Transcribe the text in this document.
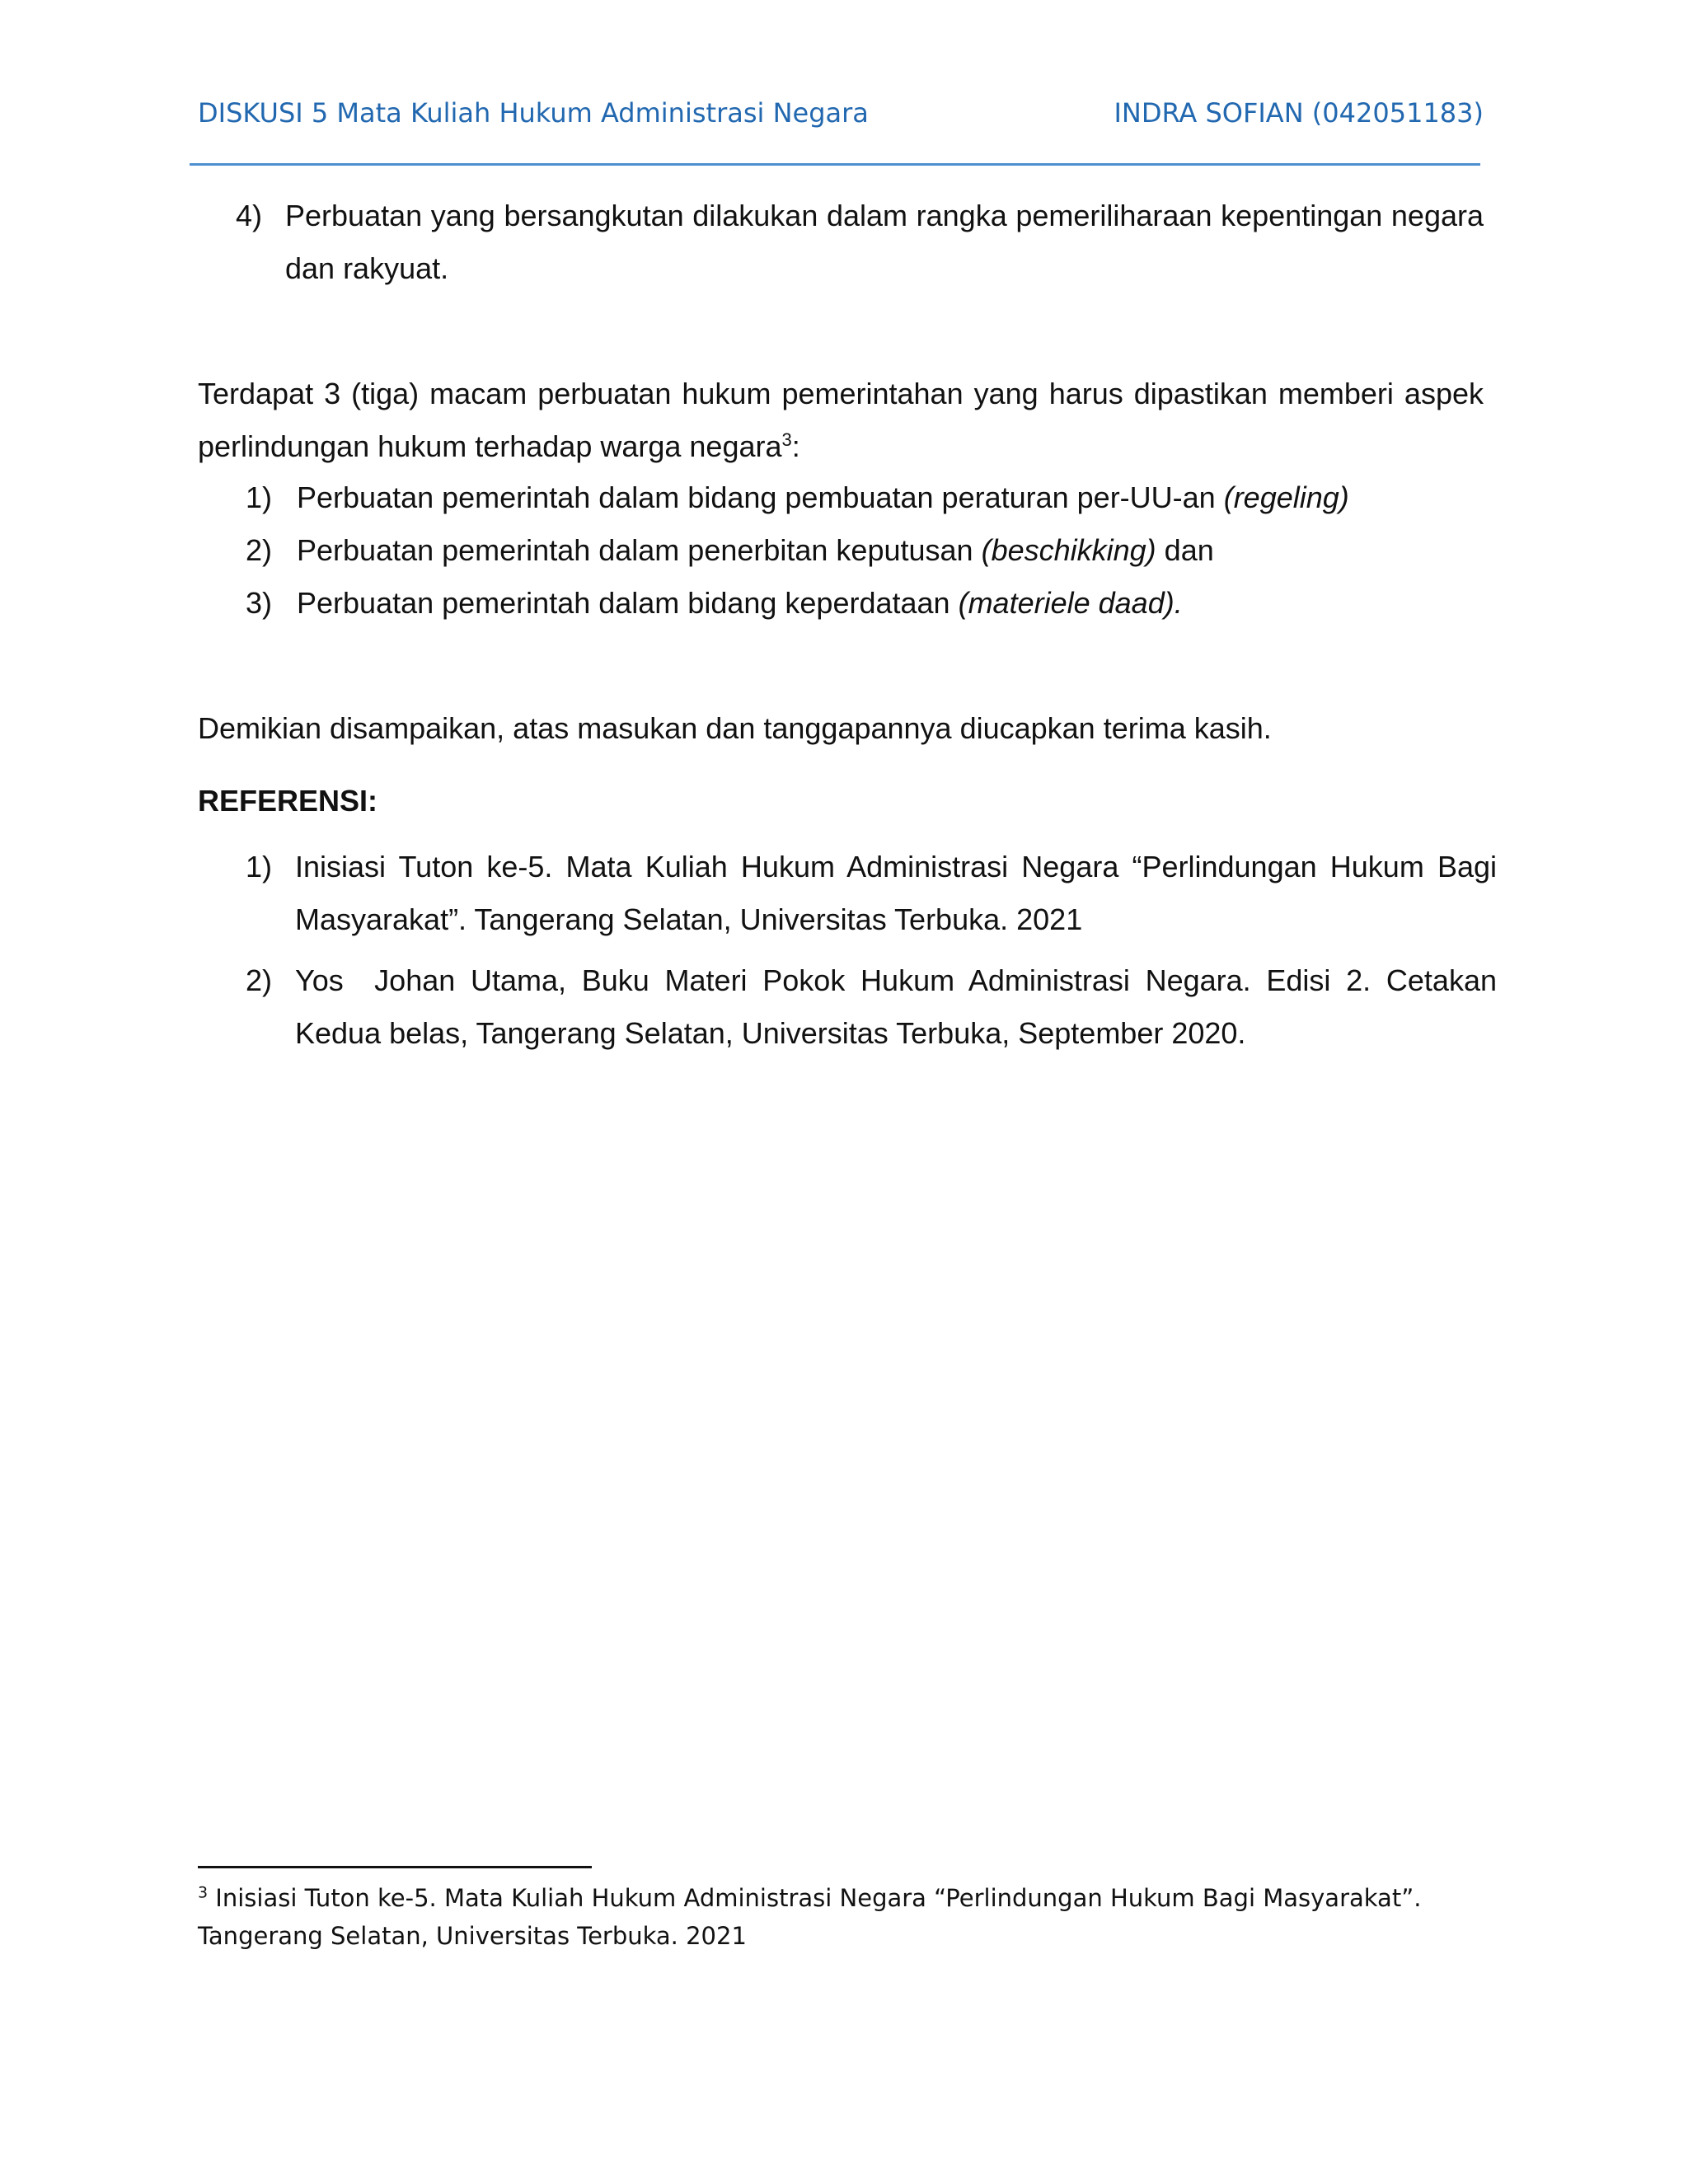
DISKUSI 5 Mata Kuliah Hukum Administrasi Negara	INDRA SOFIAN (042051183)
4) Perbuatan yang bersangkutan dilakukan dalam rangka pemeriliharaan kepentingan negara dan rakyuat.
Terdapat 3 (tiga) macam perbuatan hukum pemerintahan yang harus dipastikan memberi aspek perlindungan hukum terhadap warga negara$^3$:
1) Perbuatan pemerintah dalam bidang pembuatan peraturan per-UU-an (regeling)
2) Perbuatan pemerintah dalam penerbitan keputusan (beschikking) dan
3) Perbuatan pemerintah dalam bidang keperdataan (materiele daad).
Demikian disampaikan, atas masukan dan tanggapannya diucapkan terima kasih.
REFERENSI:
1) Inisiasi Tuton ke-5. Mata Kuliah Hukum Administrasi Negara “Perlindungan Hukum Bagi Masyarakat”. Tangerang Selatan, Universitas Terbuka. 2021
2) Yos  Johan Utama, Buku Materi Pokok Hukum Administrasi Negara. Edisi 2. Cetakan Kedua belas, Tangerang Selatan, Universitas Terbuka, September 2020.
$^3$ Inisiasi Tuton ke-5. Mata Kuliah Hukum Administrasi Negara “Perlindungan Hukum Bagi Masyarakat”. Tangerang Selatan, Universitas Terbuka. 2021
